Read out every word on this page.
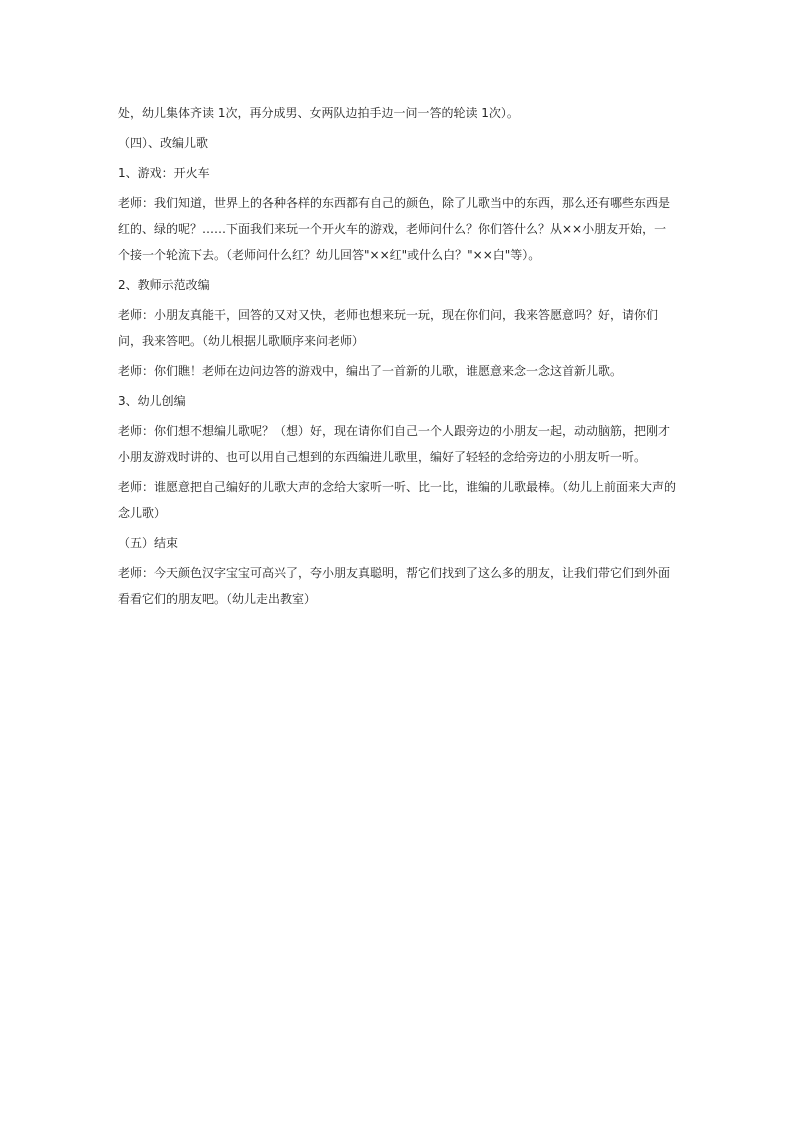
处，幼儿集体齐读 1次，再分成男、女两队边拍手边一问一答的轮读 1次）。

（四）、改编儿歌

1、游戏：开火车

老师：我们知道，世界上的各种各样的东西都有自己的颜色，除了儿歌当中的东西，那么还有哪些东西是红的、绿的呢？……下面我们来玩一个开火车的游戏，老师问什么？你们答什么？从××小朋友开始，一个接一个轮流下去。（老师问什么红？幼儿回答"××红"或什么白？"××白"等）。

2、教师示范改编

老师：小朋友真能干，回答的又对又快，老师也想来玩一玩，现在你们问，我来答愿意吗？好，请你们问，我来答吧。（幼儿根据儿歌顺序来问老师）

老师：你们瞧！老师在边问边答的游戏中，编出了一首新的儿歌，谁愿意来念一念这首新儿歌。

3、幼儿创编

老师：你们想不想编儿歌呢？（想）好，现在请你们自己一个人跟旁边的小朋友一起，动动脑筋，把刚才小朋友游戏时讲的、也可以用自己想到的东西编进儿歌里，编好了轻轻的念给旁边的小朋友听一听。

老师：谁愿意把自己编好的儿歌大声的念给大家听一听、比一比，谁编的儿歌最棒。（幼儿上前面来大声的念儿歌）

（五）结束

老师：今天颜色汉字宝宝可高兴了，夸小朋友真聪明，帮它们找到了这么多的朋友，让我们带它们到外面看看它们的朋友吧。（幼儿走出教室）
